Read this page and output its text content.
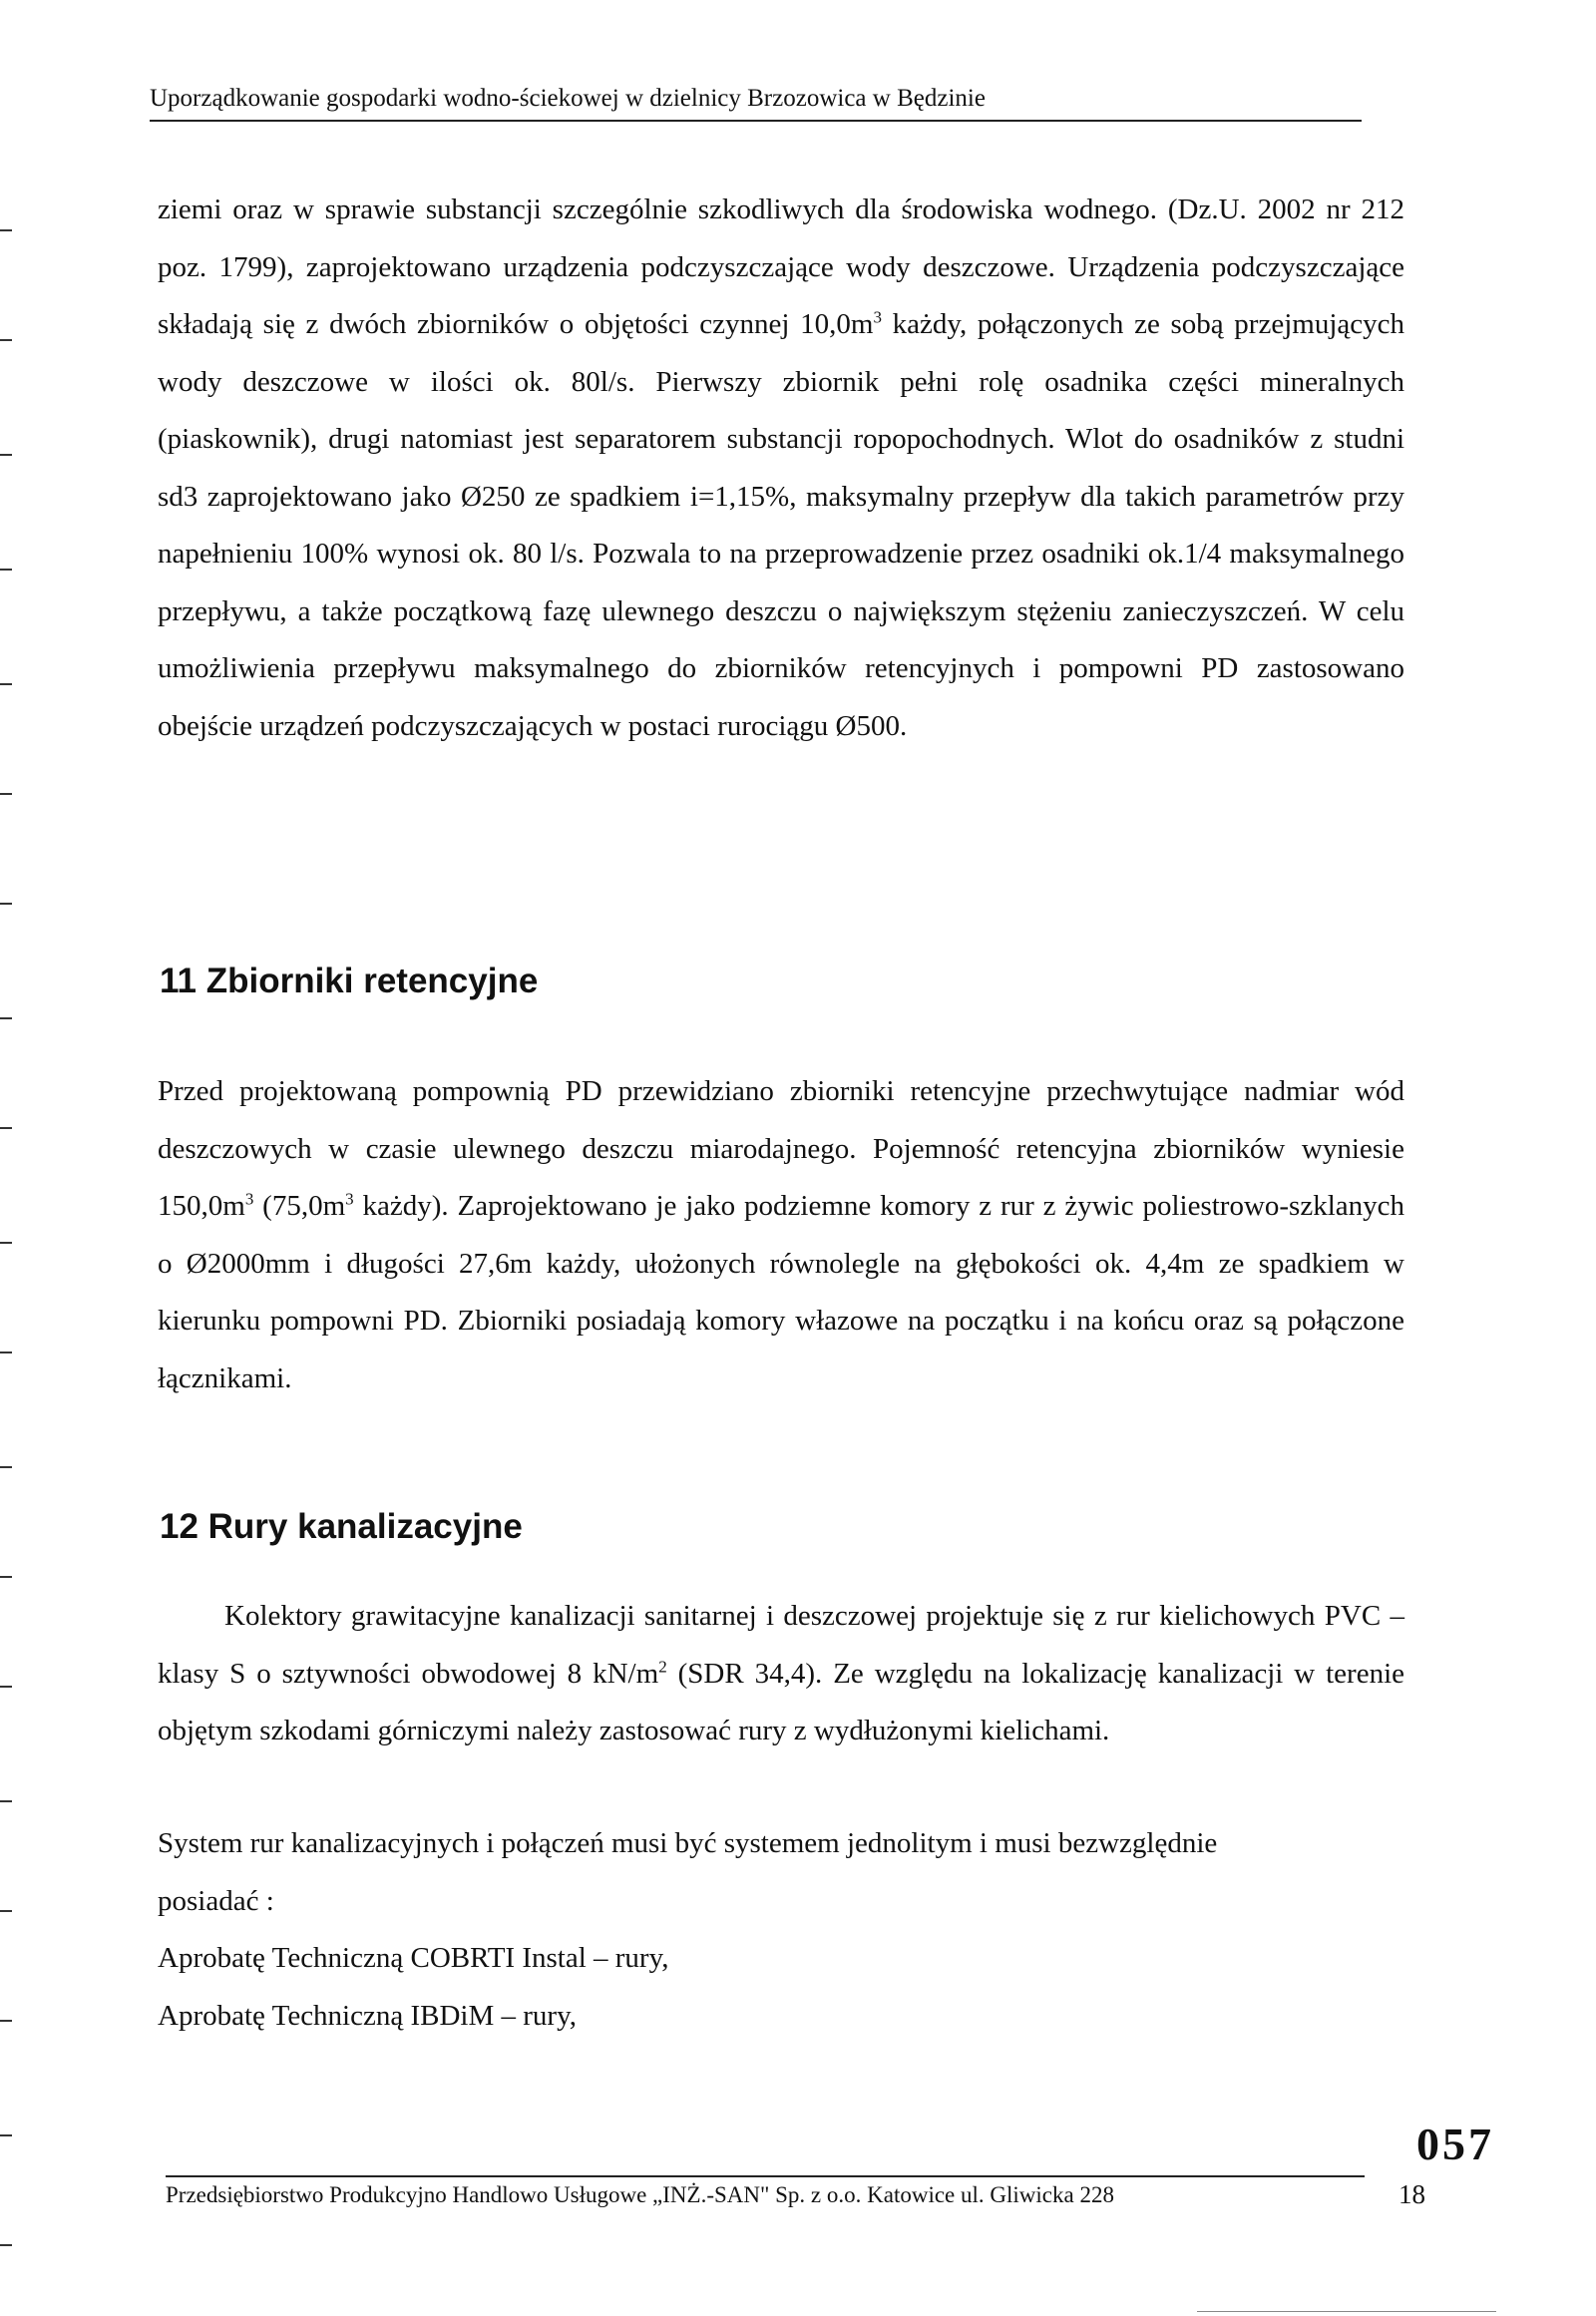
Uporządkowanie gospodarki wodno-ściekowej w dzielnicy Brzozowica w Będzinie

ziemi oraz w sprawie substancji szczególnie szkodliwych dla środowiska wodnego. (Dz.U. 2002 nr 212 poz. 1799), zaprojektowano urządzenia podczyszczające wody deszczowe. Urządzenia podczyszczające składają się z dwóch zbiorników o objętości czynnej $10,0m^3$ każdy, połączonych ze sobą przejmujących wody deszczowe w ilości ok. 80l/s. Pierwszy zbiornik pełni rolę osadnika części mineralnych (piaskownik), drugi natomiast jest separatorem substancji ropopochodnych. Wlot do osadników z studni sd3 zaprojektowano jako Ø250 ze spadkiem i=1,15%, maksymalny przepływ dla takich parametrów przy napełnieniu 100% wynosi ok. 80 l/s. Pozwala to na przeprowadzenie przez osadniki ok.1/4 maksymalnego przepływu, a także początkową fazę ulewnego deszczu o największym stężeniu zanieczyszczeń. W celu umożliwienia przepływu maksymalnego do zbiorników retencyjnych i pompowni PD zastosowano obejście urządzeń podczyszczających w postaci rurociągu Ø500.

11 Zbiorniki retencyjne

Przed projektowaną pompownią PD przewidziano zbiorniki retencyjne przechwytujące nadmiar wód deszczowych w czasie ulewnego deszczu miarodajnego. Pojemność retencyjna zbiorników wyniesie $150,0m^3$ ($75,0m^3$ każdy). Zaprojektowano je jako podziemne komory z rur z żywic poliestrowo-szklanych o Ø2000mm i długości 27,6m każdy, ułożonych równolegle na głębokości ok. 4,4m ze spadkiem w kierunku pompowni PD. Zbiorniki posiadają komory włazowe na początku i na końcu oraz są połączone łącznikami.

12 Rury kanalizacyjne

Kolektory grawitacyjne kanalizacji sanitarnej i deszczowej projektuje się z rur kielichowych PVC – klasy S o sztywności obwodowej 8 $kN/m^2$ (SDR 34,4). Ze względu na lokalizację kanalizacji w terenie objętym szkodami górniczymi należy zastosować rury z wydłużonymi kielichami.

System rur kanalizacyjnych i połączeń musi być systemem jednolitym i musi bezwzględnie
posiadać :
Aprobatę Techniczną COBRTI Instal – rury,
Aprobatę Techniczną IBDiM – rury,
057
Przedsiębiorstwo Produkcyjno Handlowo Usługowe „INŻ.-SAN" Sp. z o.o. Katowice ul. Gliwicka 228	18
